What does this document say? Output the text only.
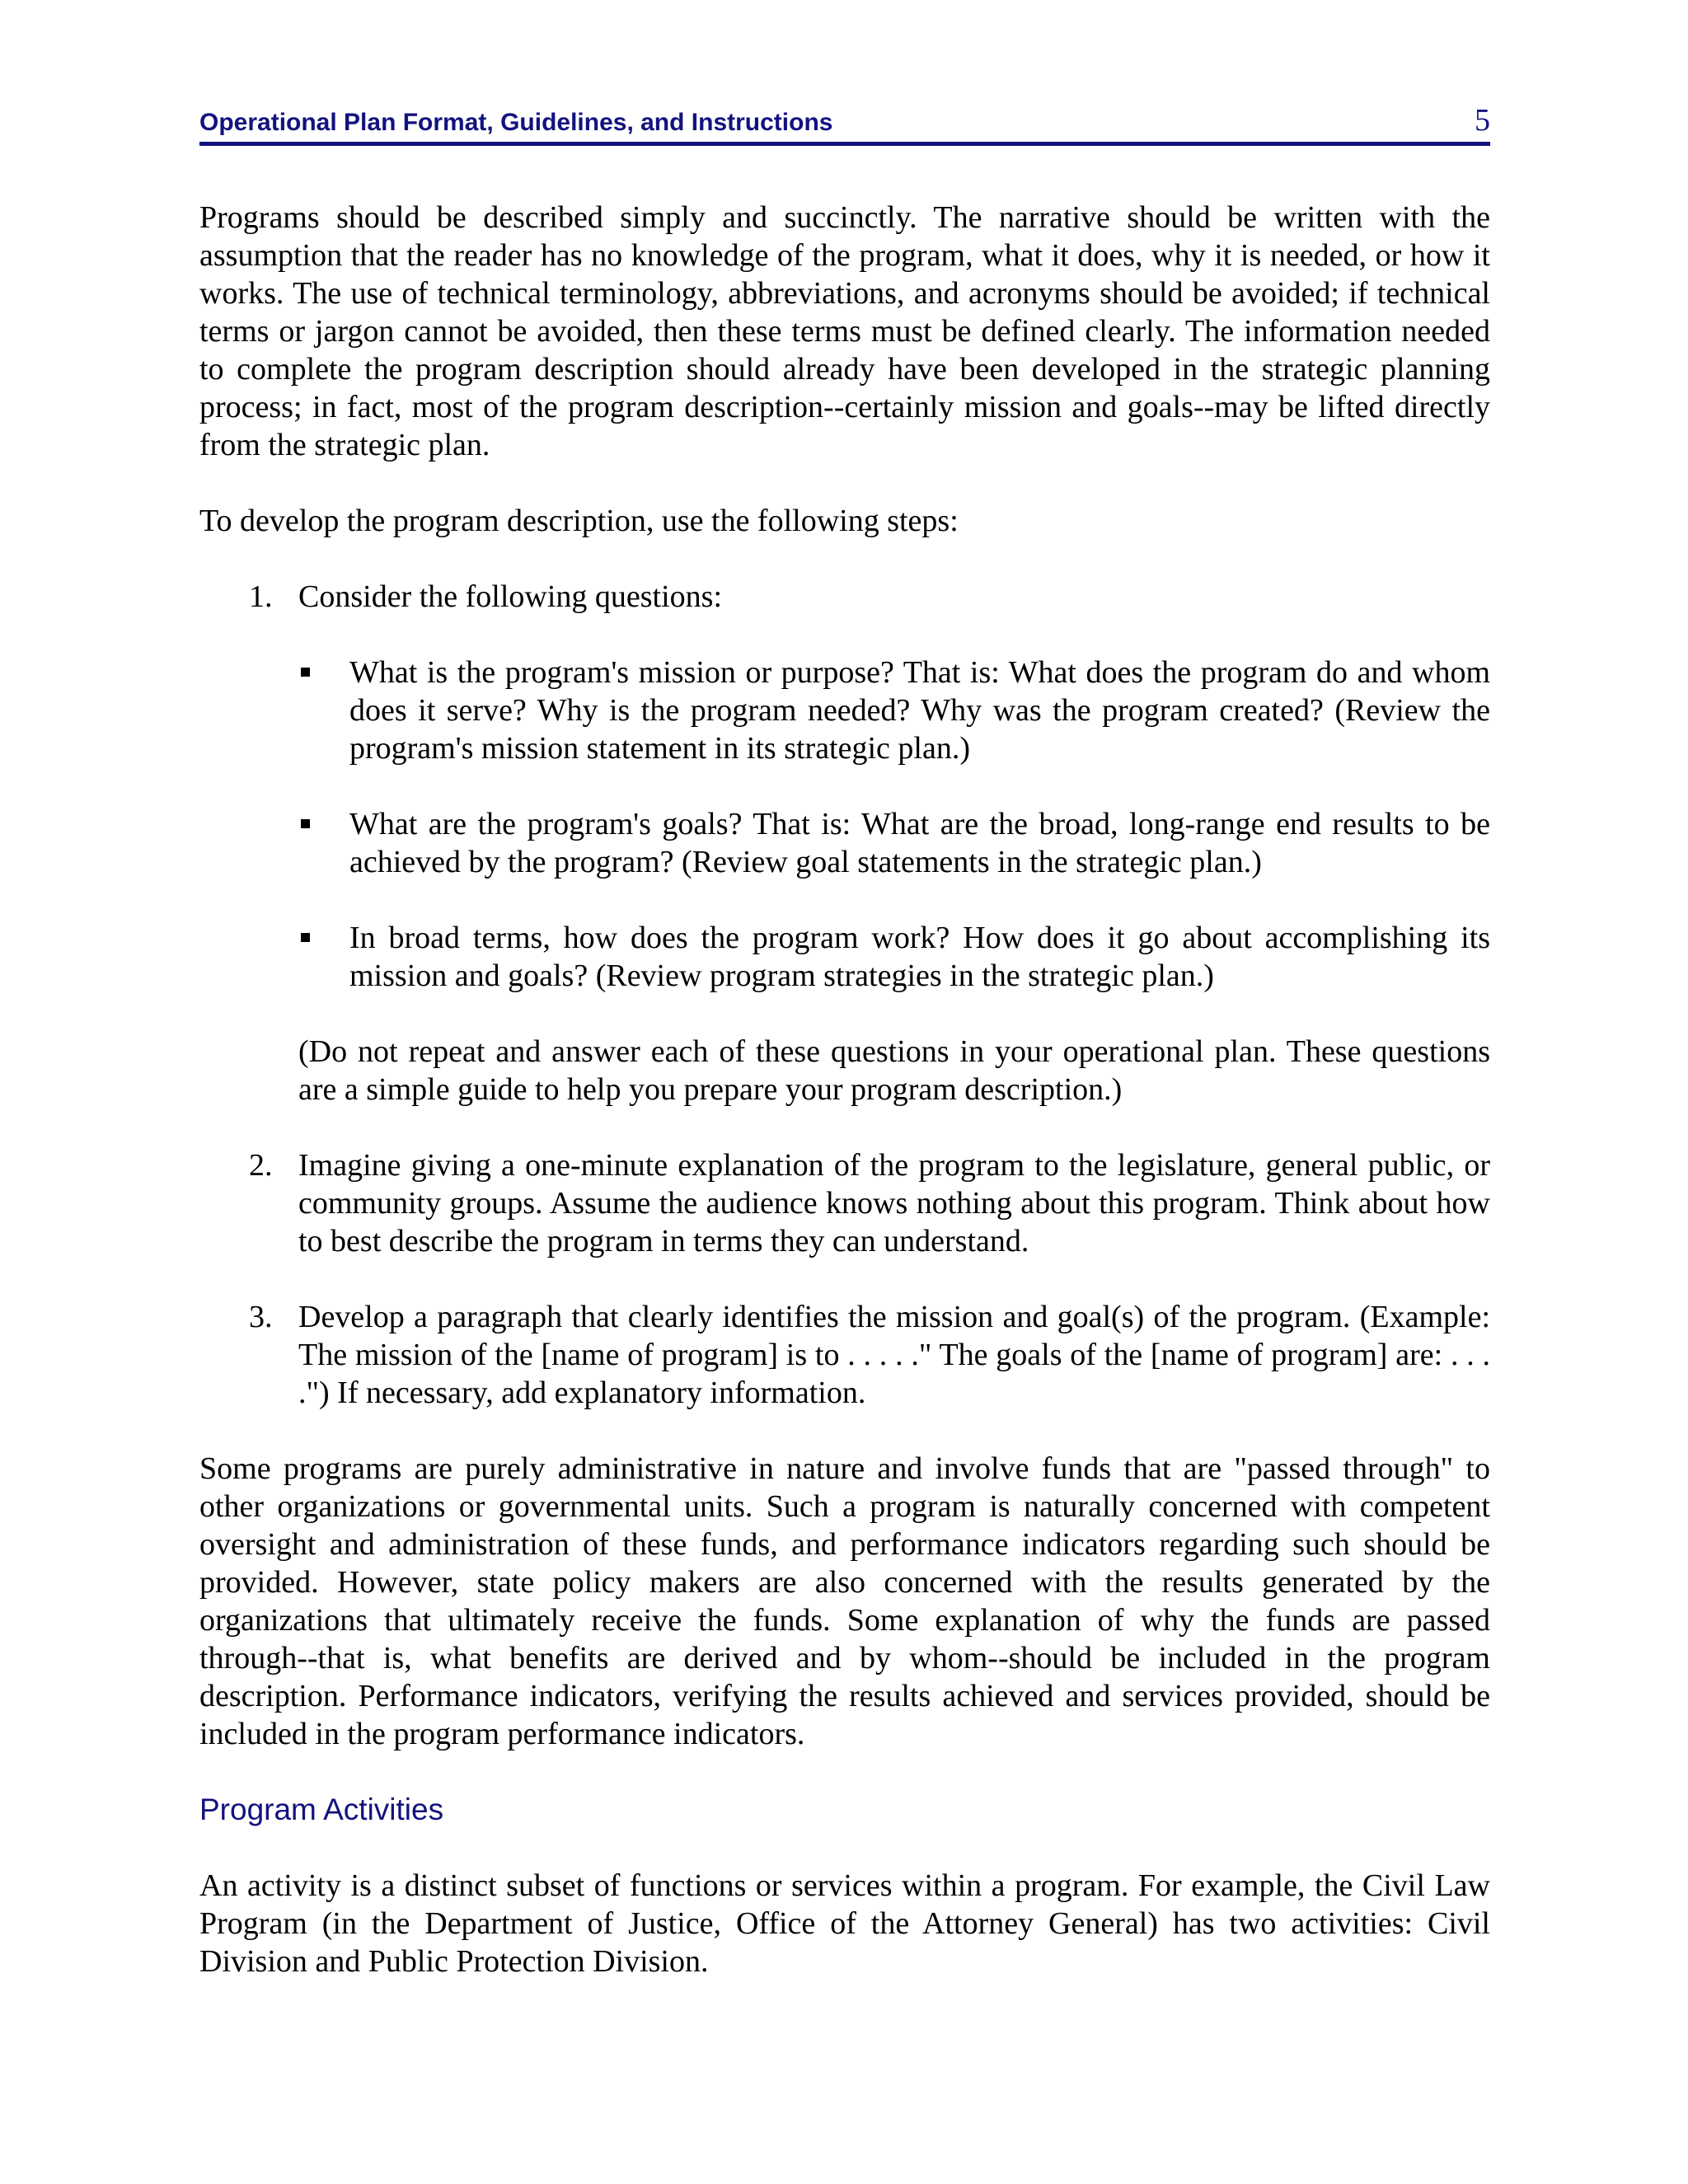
Operational Plan Format, Guidelines, and Instructions	5

Programs should be described simply and succinctly. The narrative should be written with the assumption that the reader has no knowledge of the program, what it does, why it is needed, or how it works. The use of technical terminology, abbreviations, and acronyms should be avoided; if technical terms or jargon cannot be avoided, then these terms must be defined clearly. The information needed to complete the program description should already have been developed in the strategic planning process; in fact, most of the program description--certainly mission and goals--may be lifted directly from the strategic plan.

To develop the program description, use the following steps:

1. Consider the following questions:
What is the program's mission or purpose? That is: What does the program do and whom does it serve? Why is the program needed? Why was the program created? (Review the program's mission statement in its strategic plan.)
What are the program's goals? That is: What are the broad, long-range end results to be achieved by the program? (Review goal statements in the strategic plan.)
In broad terms, how does the program work? How does it go about accomplishing its mission and goals? (Review program strategies in the strategic plan.)
(Do not repeat and answer each of these questions in your operational plan. These questions are a simple guide to help you prepare your program description.)
2. Imagine giving a one-minute explanation of the program to the legislature, general public, or community groups. Assume the audience knows nothing about this program. Think about how to best describe the program in terms they can understand.
3. Develop a paragraph that clearly identifies the mission and goal(s) of the program. (Example: The mission of the [name of program] is to . . . . ." The goals of the [name of program] are: . . . .") If necessary, add explanatory information.

Some programs are purely administrative in nature and involve funds that are "passed through" to other organizations or governmental units. Such a program is naturally concerned with competent oversight and administration of these funds, and performance indicators regarding such should be provided. However, state policy makers are also concerned with the results generated by the organizations that ultimately receive the funds. Some explanation of why the funds are passed through--that is, what benefits are derived and by whom--should be included in the program description. Performance indicators, verifying the results achieved and services provided, should be included in the program performance indicators.

Program Activities

An activity is a distinct subset of functions or services within a program. For example, the Civil Law Program (in the Department of Justice, Office of the Attorney General) has two activities: Civil Division and Public Protection Division.
